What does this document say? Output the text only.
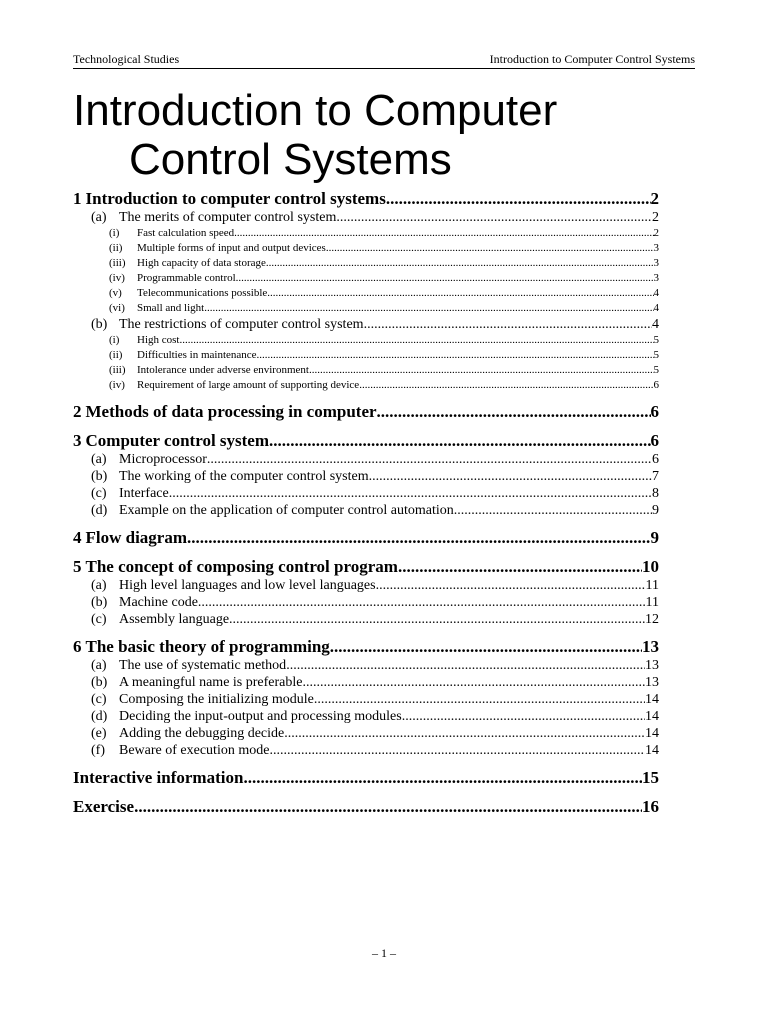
Technological Studies	Introduction to Computer Control Systems
Introduction to Computer
Control Systems
1 Introduction to computer control systems .....	2
(a) The merits of computer control system .....	2
(i)	Fast calculation speed .....	2
(ii)	Multiple forms of input and output devices .....	3
(iii)	High capacity of data storage .....	3
(iv)	Programmable control .....	3
(v)	Telecommunications possible .....	4
(vi)	Small and light .....	4
(b) The restrictions of computer control system .....	4
(i)	High cost .....	5
(ii)	Difficulties in maintenance .....	5
(iii)	Intolerance under adverse environment .....	5
(iv)	Requirement of large amount of supporting device .....	6
2 Methods of data processing in computer .....	6
3 Computer control system .....	6
(a) Microprocessor .....	6
(b) The working of the computer control system .....	7
(c) Interface .....	8
(d) Example on the application of computer control automation .....	9
4 Flow diagram .....	9
5 The concept of composing control program .....	10
(a) High level languages and low level languages .....	11
(b) Machine code .....	11
(c) Assembly language .....	12
6 The basic theory of programming .....	13
(a) The use of systematic method .....	13
(b) A meaningful name is preferable .....	13
(c) Composing the initializing module .....	14
(d) Deciding the input-output and processing modules .....	14
(e) Adding the debugging decide .....	14
(f)	Beware of execution mode .....	14
Interactive information .....	15
Exercise .....	16
– 1 –
